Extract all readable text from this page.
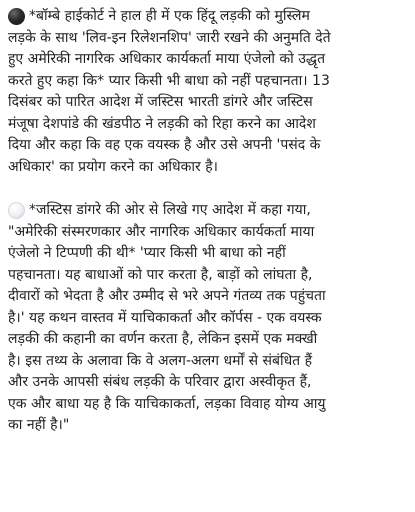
*बॉम्बे हाईकोर्ट ने हाल ही में एक हिंदू लड़की को मुस्लिम
लड़के के साथ 'लिव-इन रिलेशनशिप' जारी रखने की अनुमति देते
हुए अमेरिकी नागरिक अधिकार कार्यकर्ता माया एंजेलो को उद्धृत
करते हुए कहा कि* प्यार किसी भी बाधा को नहीं पहचानता। 13
दिसंबर को पारित आदेश में जस्टिस भारती डांगरे और जस्टिस
मंजूषा देशपांडे की खंडपीठ ने लड़की को रिहा करने का आदेश
दिया और कहा कि वह एक वयस्क है और उसे अपनी 'पसंद के
अधिकार' का प्रयोग करने का अधिकार है।
*जस्टिस डांगरे की ओर से लिखे गए आदेश में कहा गया,
"अमेरिकी संस्मरणकार और नागरिक अधिकार कार्यकर्ता माया
एंजेलो ने टिप्पणी की थी* 'प्यार किसी भी बाधा को नहीं
पहचानता। यह बाधाओं को पार करता है, बाड़ों को लांघता है,
दीवारों को भेदता है और उम्मीद से भरे अपने गंतव्य तक पहुंचता
है।' यह कथन वास्तव में याचिकाकर्ता और कॉर्पस - एक वयस्क
लड़की की कहानी का वर्णन करता है, लेकिन इसमें एक मक्खी
है। इस तथ्य के अलावा कि वे अलग-अलग धर्मों से संबंधित हैं
और उनके आपसी संबंध लड़की के परिवार द्वारा अस्वीकृत हैं,
एक और बाधा यह है कि याचिकाकर्ता, लड़का विवाह योग्य आयु
का नहीं है।"
